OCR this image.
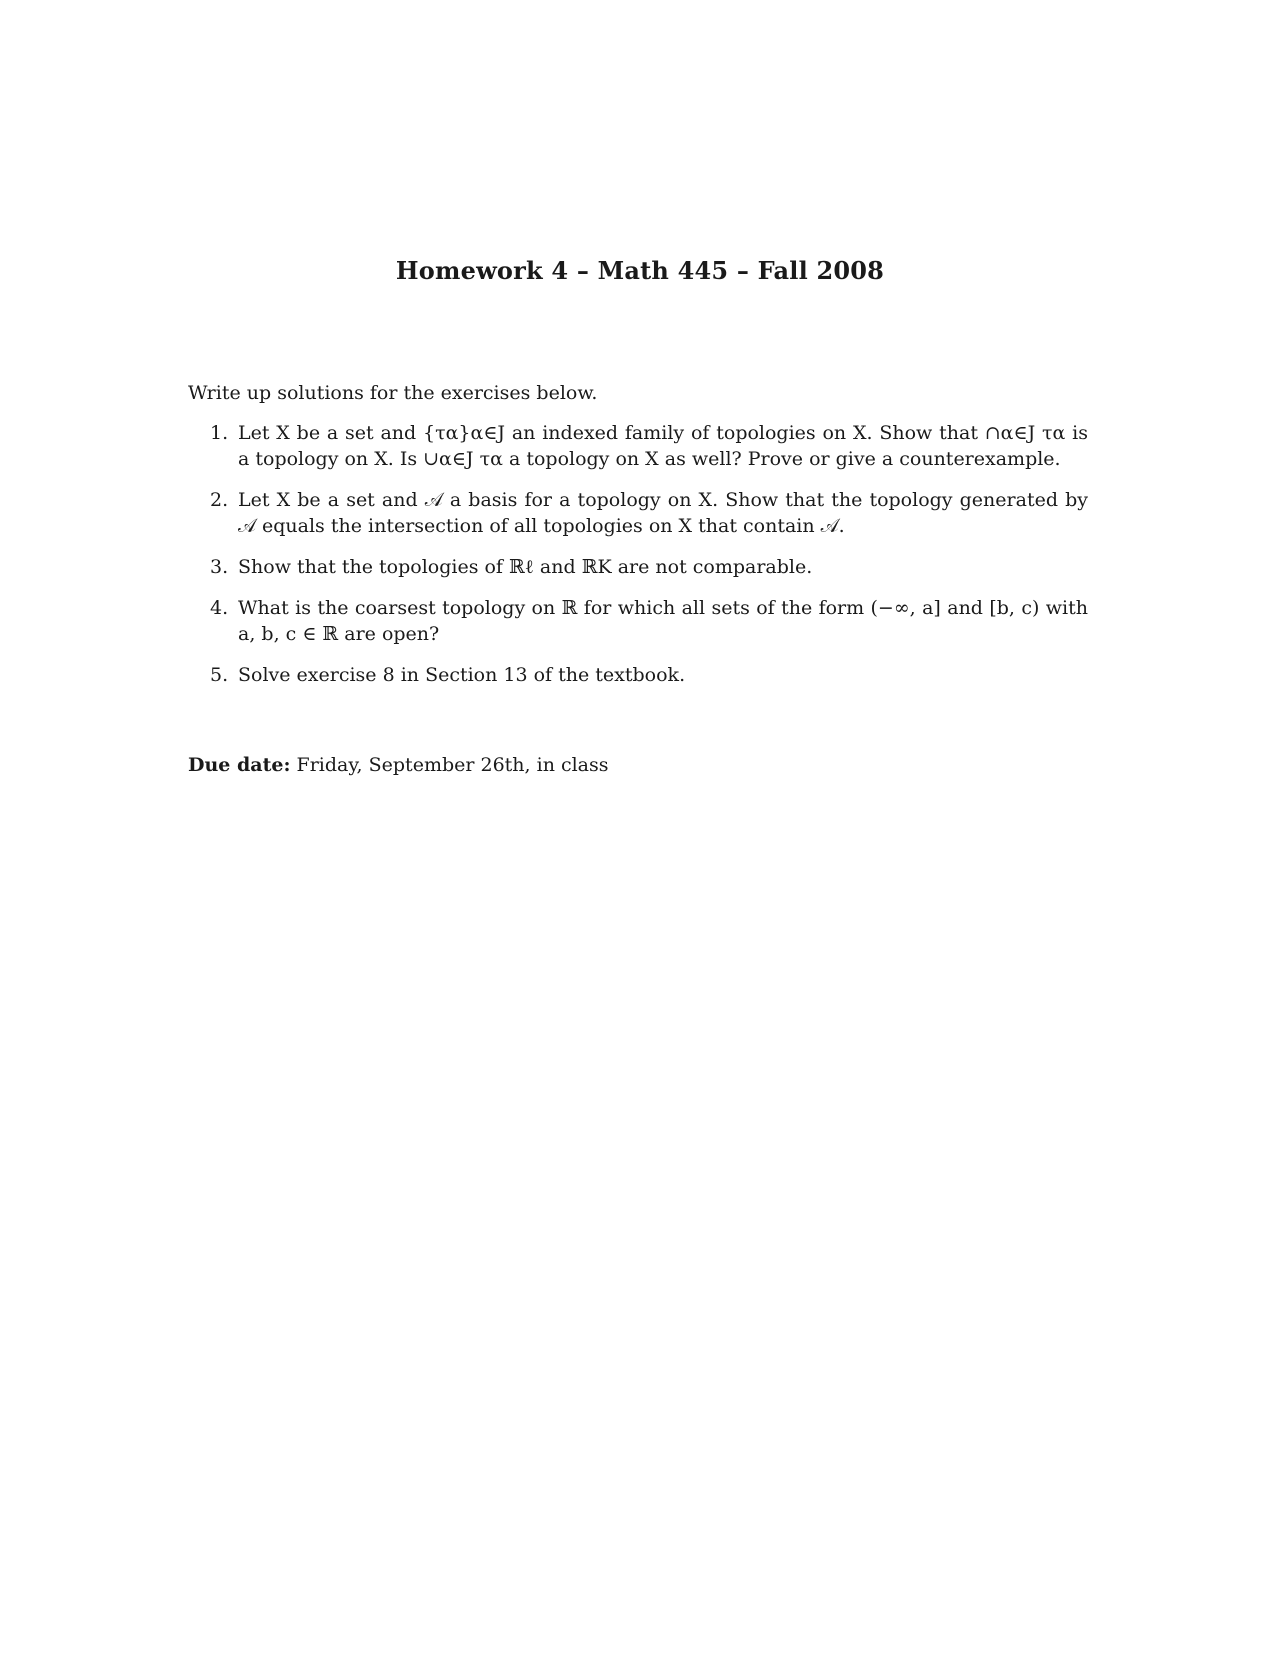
Homework 4 – Math 445 – Fall 2008
Write up solutions for the exercises below.
1. Let X be a set and {τα}α∈J an indexed family of topologies on X. Show that ∩α∈J τα is a topology on X. Is ∪α∈J τα a topology on X as well? Prove or give a counterexample.
2. Let X be a set and 𝒜 a basis for a topology on X. Show that the topology generated by 𝒜 equals the intersection of all topologies on X that contain 𝒜.
3. Show that the topologies of ℝℓ and ℝK are not comparable.
4. What is the coarsest topology on ℝ for which all sets of the form (−∞, a] and [b, c) with a, b, c ∈ ℝ are open?
5. Solve exercise 8 in Section 13 of the textbook.
Due date: Friday, September 26th, in class
